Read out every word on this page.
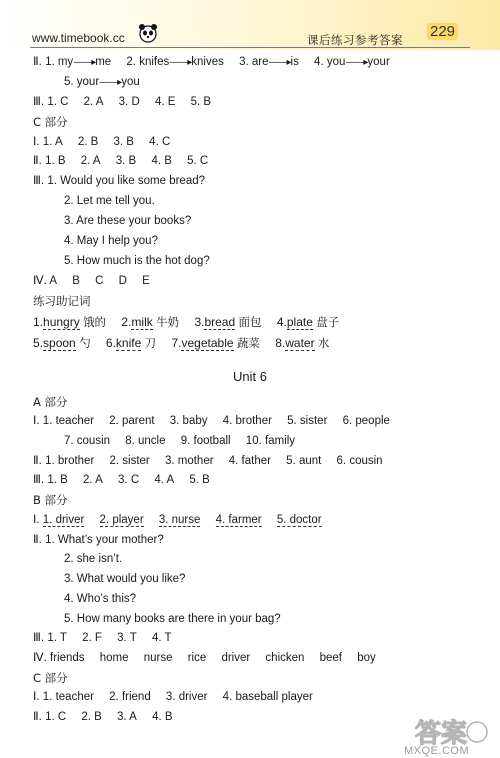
www.timebook.cc	课后练习参考答案 229
Ⅱ. 1. my——▸me 2. knifes——▸knives 3. are——▸is 4. you——▸your
5. your——▸you
Ⅲ. 1. C 2. A 3. D 4. E 5. B
C 部分
Ⅰ. 1. A 2. B 3. B 4. C
Ⅱ. 1. B 2. A 3. B 4. B 5. C
Ⅲ. 1. Would you like some bread?
2. Let me tell you.
3. Are these your books?
4. May I help you?
5. How much is the hot dog?
Ⅳ. A B C D E
练习助记词
1.hungry 饿的 2.milk 牛奶 3.bread 面包 4.plate 盘子
5.spoon 勺 6.knife 刀 7.vegetable 蔬菜 8.water 水
Unit 6
A 部分
Ⅰ. 1. teacher 2. parent 3. baby 4. brother 5. sister 6. people
7. cousin 8. uncle 9. football 10. family
Ⅱ. 1. brother 2. sister 3. mother 4. father 5. aunt 6. cousin
Ⅲ. 1. B 2. A 3. C 4. A 5. B
B 部分
Ⅰ. 1. driver 2. player 3. nurse 4. farmer 5. doctor
Ⅱ. 1. What’s your mother?
2. she isn’t.
3. What would you like?
4. Who’s this?
5. How many books are there in your bag?
Ⅲ. 1. T 2. F 3. T 4. T
Ⅳ. friends home nurse rice driver chicken beef boy
C 部分
Ⅰ. 1. teacher 2. friend 3. driver 4. baseball player
Ⅱ. 1. C 2. B 3. A 4. B
答案
MXQE.COM
